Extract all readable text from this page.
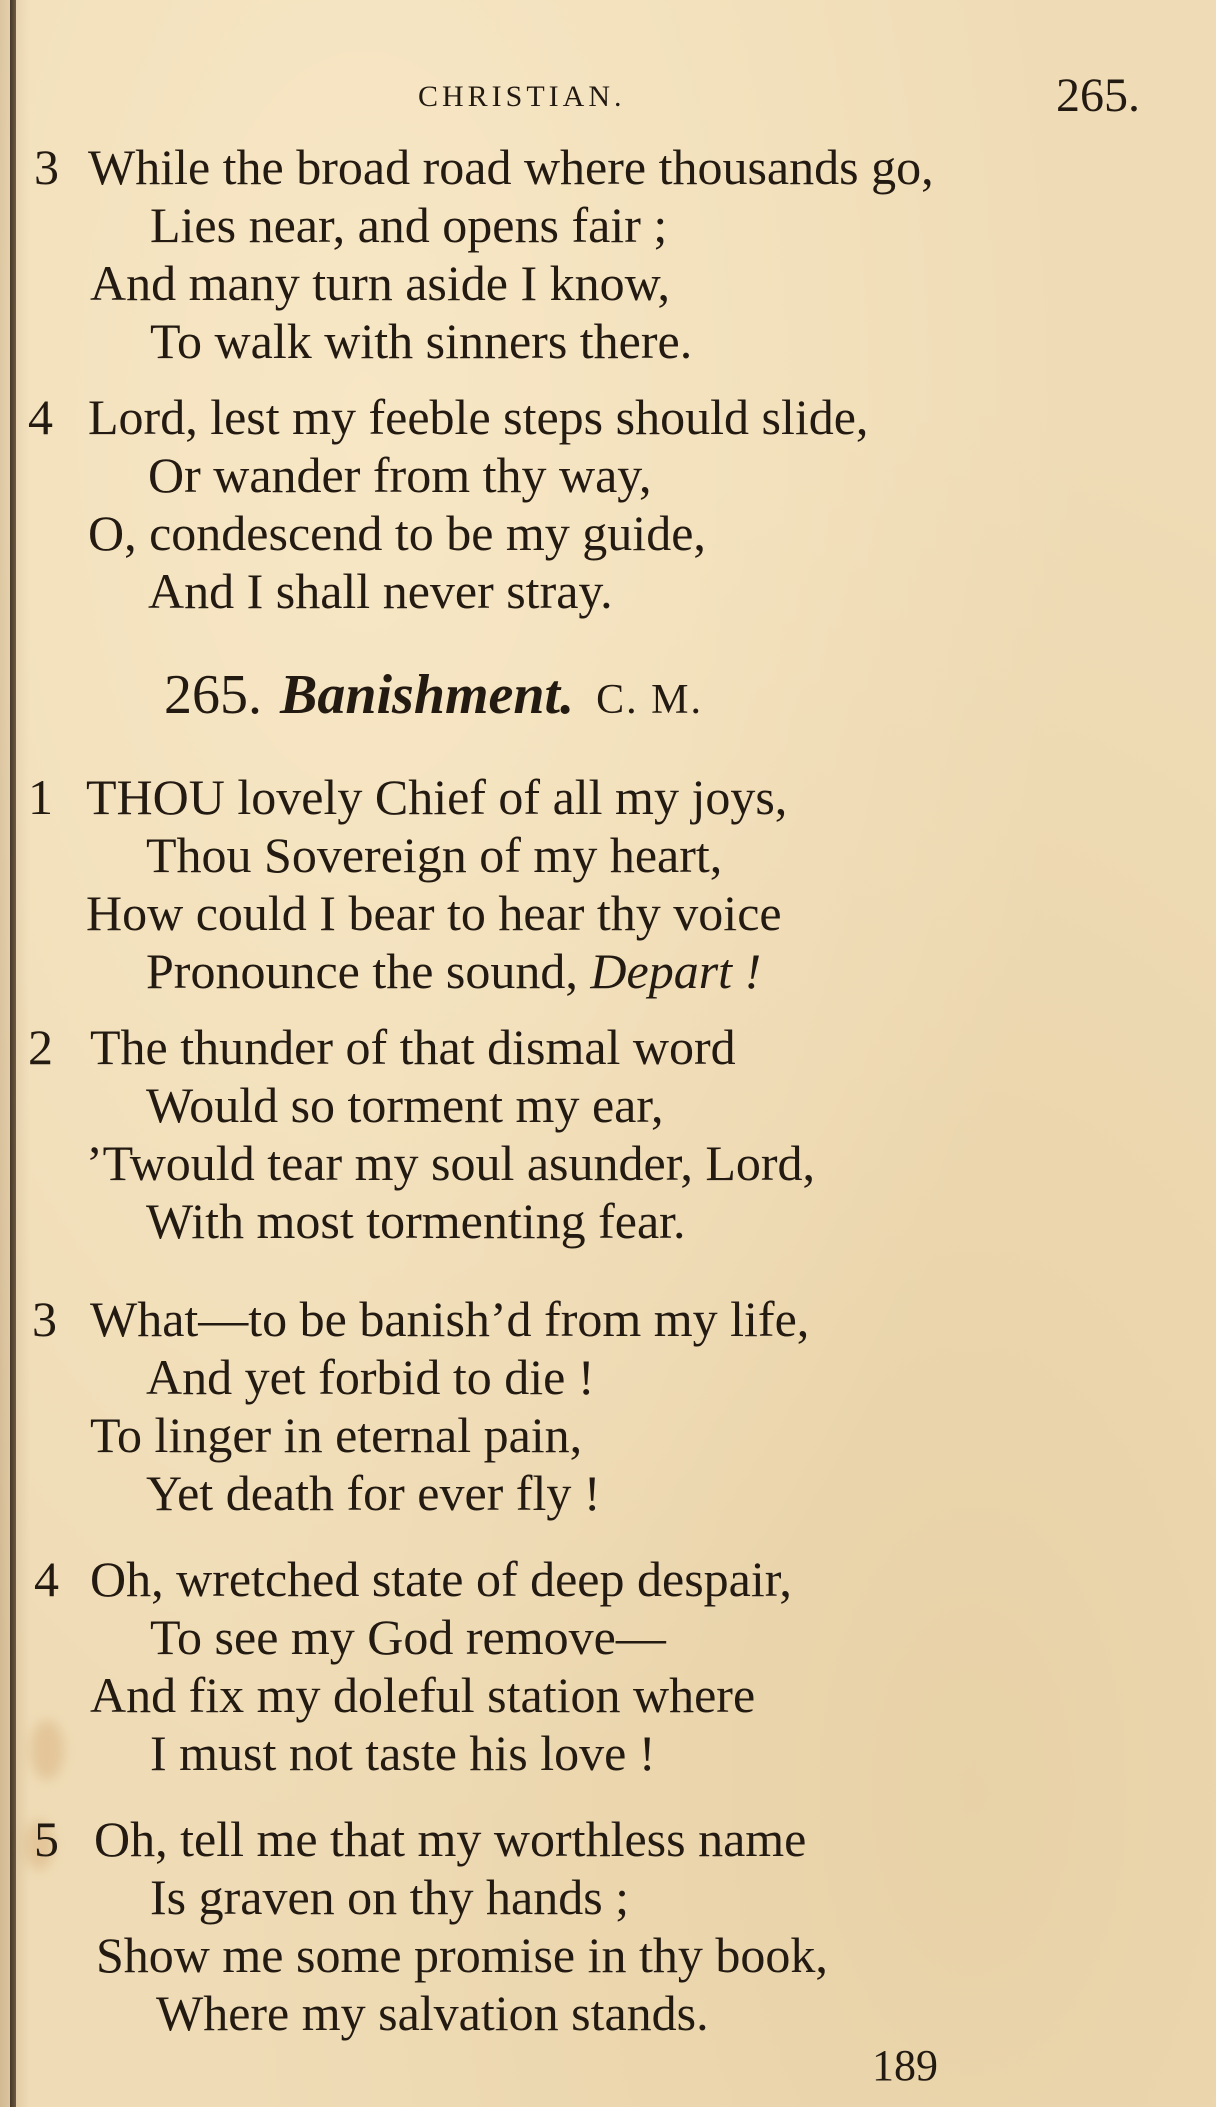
CHRISTIAN.	265.
3 While the broad road where thousands go,
Lies near, and opens fair ;
And many turn aside I know,
To walk with sinners there.
4 Lord, lest my feeble steps should slide,
Or wander from thy way,
O, condescend to be my guide,
And I shall never stray.
265. Banishment. C. M.
1 THOU lovely Chief of all my joys,
Thou Sovereign of my heart,
How could I bear to hear thy voice
Pronounce the sound, Depart !
2 The thunder of that dismal word
Would so torment my ear,
’Twould tear my soul asunder, Lord,
With most tormenting fear.
3 What—to be banish’d from my life,
And yet forbid to die !
To linger in eternal pain,
Yet death for ever fly !
4 Oh, wretched state of deep despair,
To see my God remove—
And fix my doleful station where
I must not taste his love !
5 Oh, tell me that my worthless name
Is graven on thy hands ;
Show me some promise in thy book,
Where my salvation stands.
189
